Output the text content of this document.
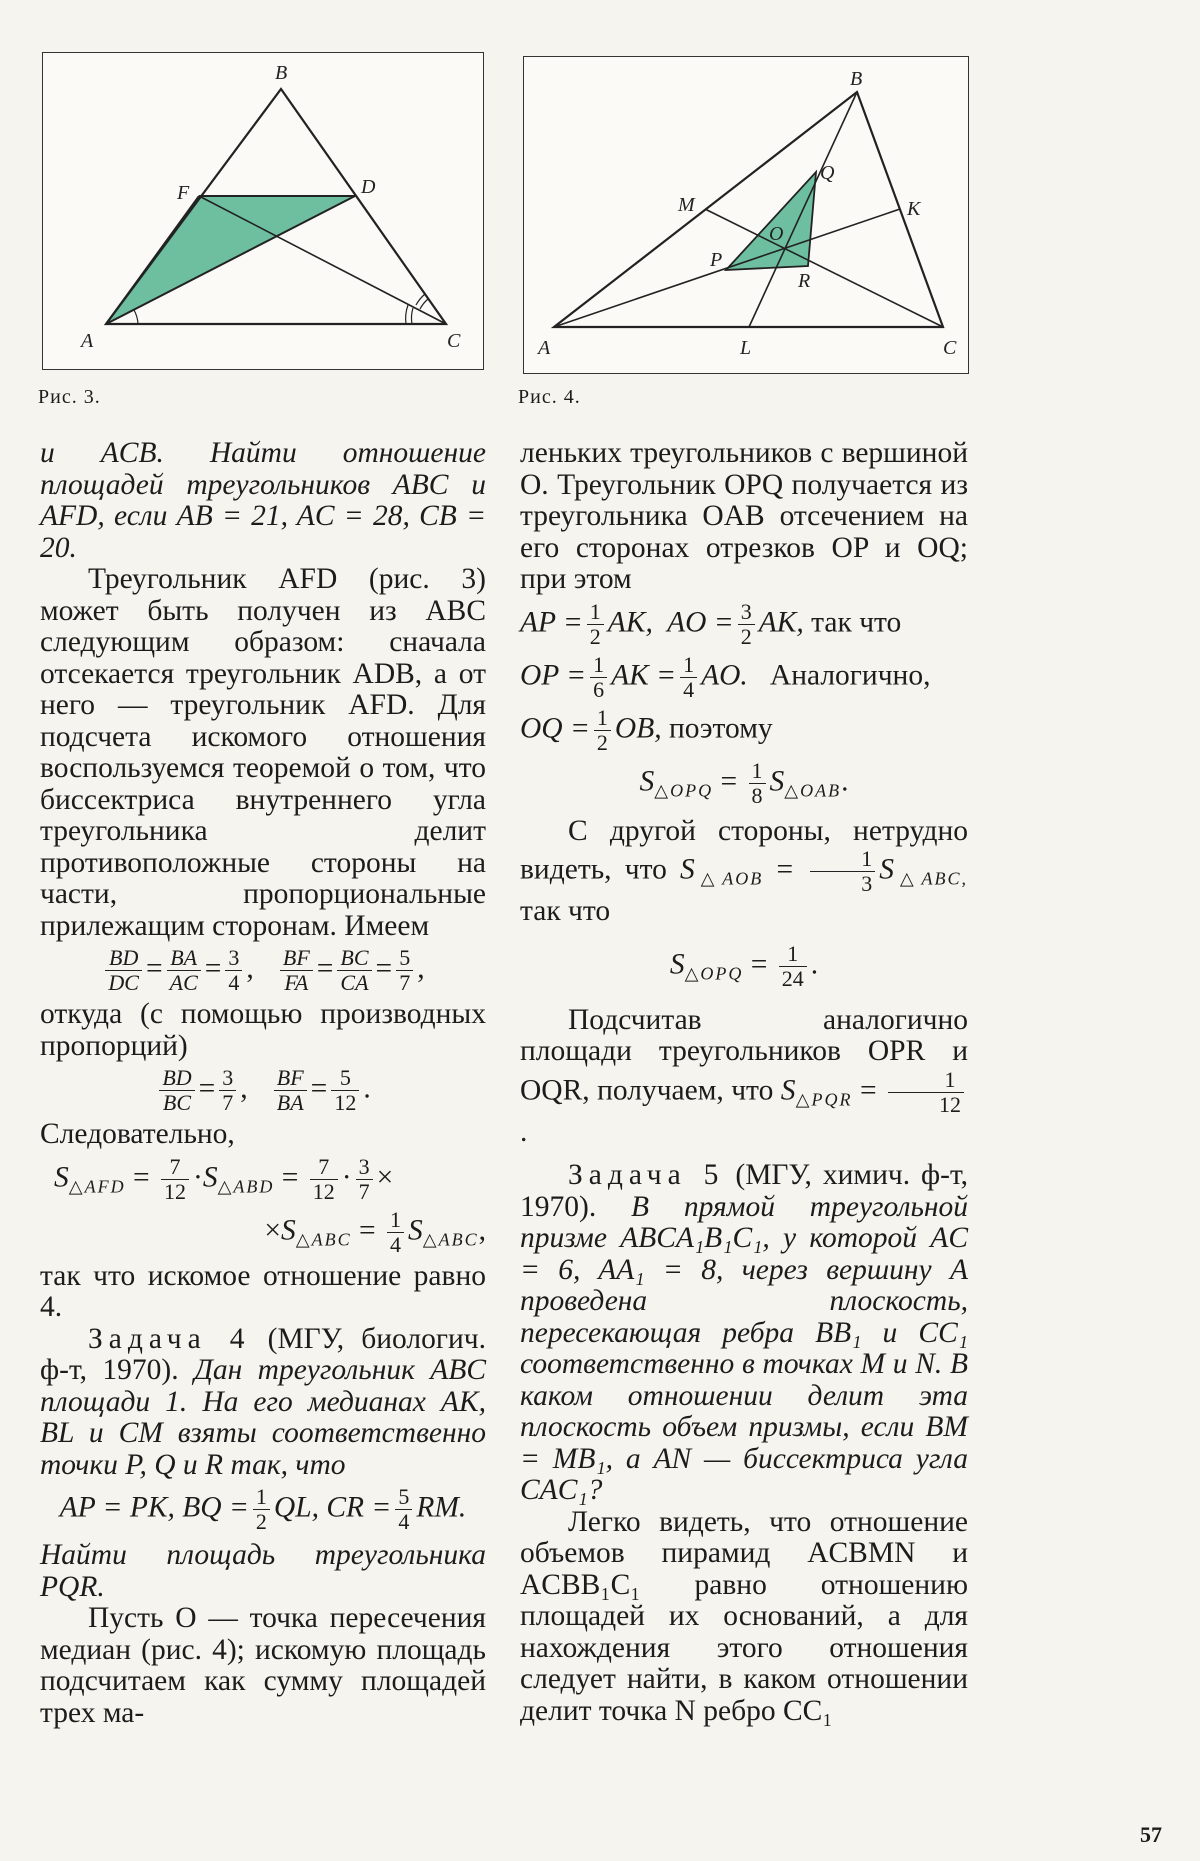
B
F	D
A	C
Рис. 3.
B
Q
M	K
O
P
R
A	L	C
Рис. 4.

и ACB. Найти отношение площадей треугольников ABC и AFD, если AB = 21, AC = 28, CB = 20.

Треугольник AFD (рис. 3) может быть получен из ABC следующим образом: сначала отсекается треугольник ADB, а от него — треугольник AFD. Для подсчета искомого отношения воспользуемся теоремой о том, что биссектриса внутреннего угла треугольника делит противоположные стороны на части, пропорциональные прилежащим сторонам. Имеем

$\frac{BD}{DC} = \frac{BA}{AC} = \frac{3}{4}$ , $\frac{BF}{FA} = \frac{BC}{CA} = \frac{5}{7}$ ,

откуда (с помощью производных пропорций)

$\frac{BD}{BC} = \frac{3}{7}$ , $\frac{BF}{BA} = \frac{5}{12}$ .

Следовательно,

$S_{\triangle AFD} = \frac{7}{12} \cdot S_{\triangle ABD} = \frac{7}{12} \cdot \frac{3}{7}$ ×
$\times S_{\triangle ABC} = \frac{1}{4} S_{\triangle ABC}$,

так что искомое отношение равно 4.

Задача 4 (МГУ, биологич. ф-т, 1970). Дан треугольник ABC площади 1. На его медианах AK, BL и CM взяты соответственно точки P, Q и R так, что

AP = PK, BQ = $\frac{1}{2}$ QL, CR = $\frac{5}{4}$ RM.

Найти площадь треугольника PQR.

Пусть O — точка пересечения медиан (рис. 4); искомую площадь подсчитаем как сумму площадей трех ма-

леньких треугольников с вершиной O. Треугольник OPQ получается из треугольника OAB отсечением на его сторонах отрезков OP и OQ; при этом

AP = $\frac{1}{2}$ AK, AO = $\frac{3}{2}$ AK, так что
OP = $\frac{1}{6}$ AK = $\frac{1}{4}$ AO. Аналогично,
OQ = $\frac{1}{2}$ OB, поэтому
$S_{\triangle OPQ} = \frac{1}{8} S_{\triangle OAB}$.

С другой стороны, нетрудно видеть, что $S_{\triangle AOB} = \frac{1}{3} S_{\triangle ABC,}$ так что

$S_{\triangle OPQ} = \frac{1}{24}$ .

Подсчитав аналогично площади треугольников OPR и OQR, получаем, что $S_{\triangle PQR} = \frac{1}{12}$
.

Задача 5 (МГУ, химич. ф-т, 1970). В прямой треугольной призме ABCA₁B₁C₁, у которой AC = 6, AA₁ = 8, через вершину A проведена плоскость, пересекающая ребра BB₁ и CC₁ соответственно в точках M и N. В каком отношении делит эта плоскость объем призмы, если BM = MB₁, а AN — биссектриса угла CAC₁?

Легко видеть, что отношение объемов пирамид ACBMN и ACBB₁C₁ равно отношению площадей их оснований, а для нахождения этого отношения следует найти, в каком отношении делит точка N ребро CC₁

57
